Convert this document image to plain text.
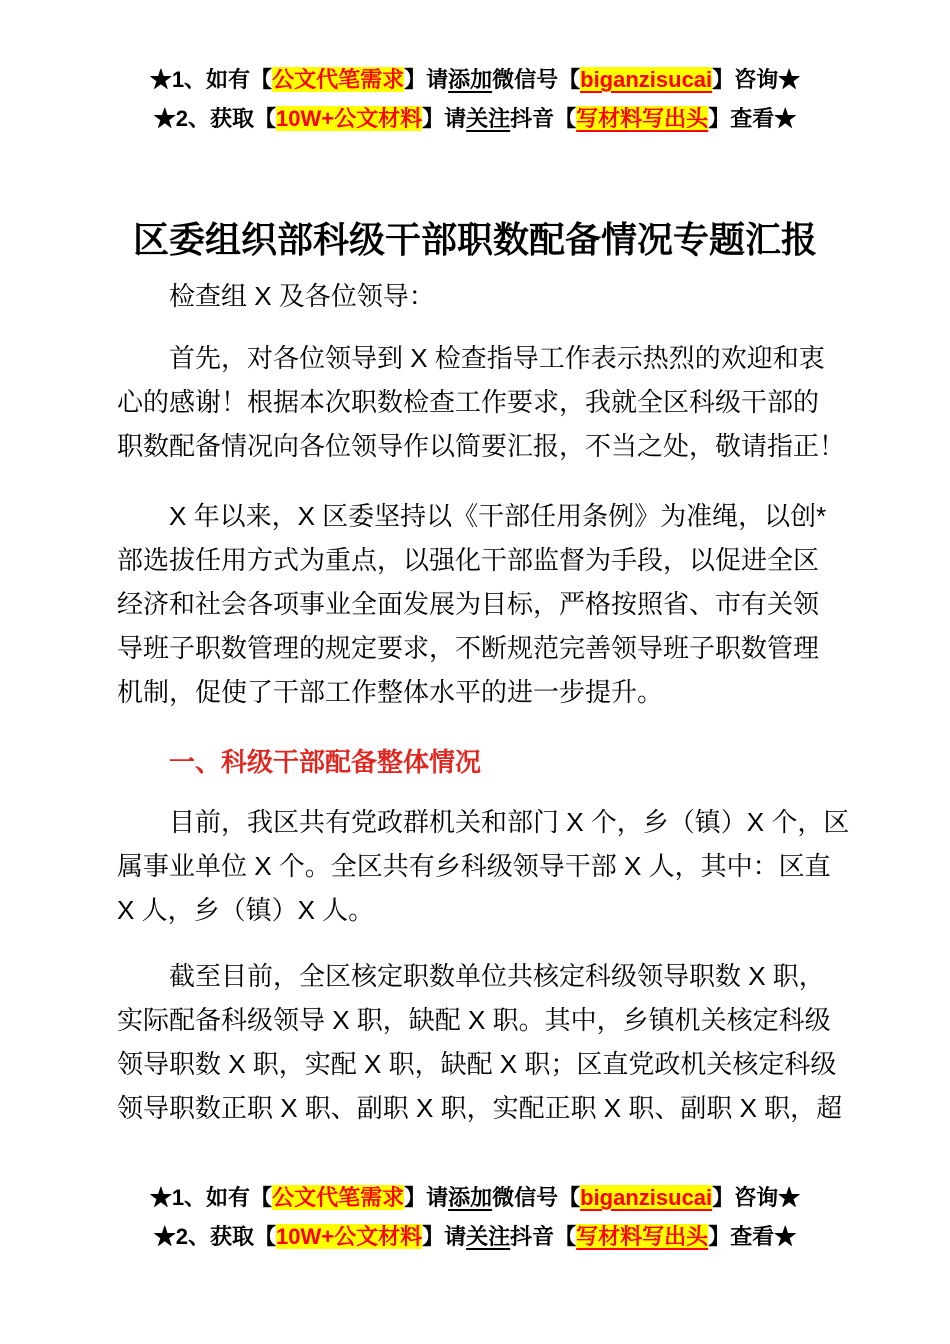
★1、如有【公文代笔需求】请添加微信号【biganzisucai】咨询★
★2、获取【10W+公文材料】请关注抖音【写材料写出头】查看★
区委组织部科级干部职数配备情况专题汇报
检查组 X 及各位领导：
首先，对各位领导到 X 检查指导工作表示热烈的欢迎和衷
心的感谢！根据本次职数检查工作要求，我就全区科级干部的
职数配备情况向各位领导作以简要汇报，不当之处，敬请指正！
X 年以来，X 区委坚持以《干部任用条例》为准绳，以创*
部选拔任用方式为重点，以强化干部监督为手段，以促进全区
经济和社会各项事业全面发展为目标，严格按照省、市有关领
导班子职数管理的规定要求，不断规范完善领导班子职数管理
机制，促使了干部工作整体水平的进一步提升。
一、科级干部配备整体情况
目前，我区共有党政群机关和部门 X 个，乡（镇）X 个，区
属事业单位 X 个。全区共有乡科级领导干部 X 人，其中：区直
X 人，乡（镇）X 人。
截至目前，全区核定职数单位共核定科级领导职数 X 职，
实际配备科级领导 X 职，缺配 X 职。其中，乡镇机关核定科级
领导职数 X 职，实配 X 职，缺配 X 职；区直党政机关核定科级
领导职数正职 X 职、副职 X 职，实配正职 X 职、副职 X 职，超
★1、如有【公文代笔需求】请添加微信号【biganzisucai】咨询★
★2、获取【10W+公文材料】请关注抖音【写材料写出头】查看★
